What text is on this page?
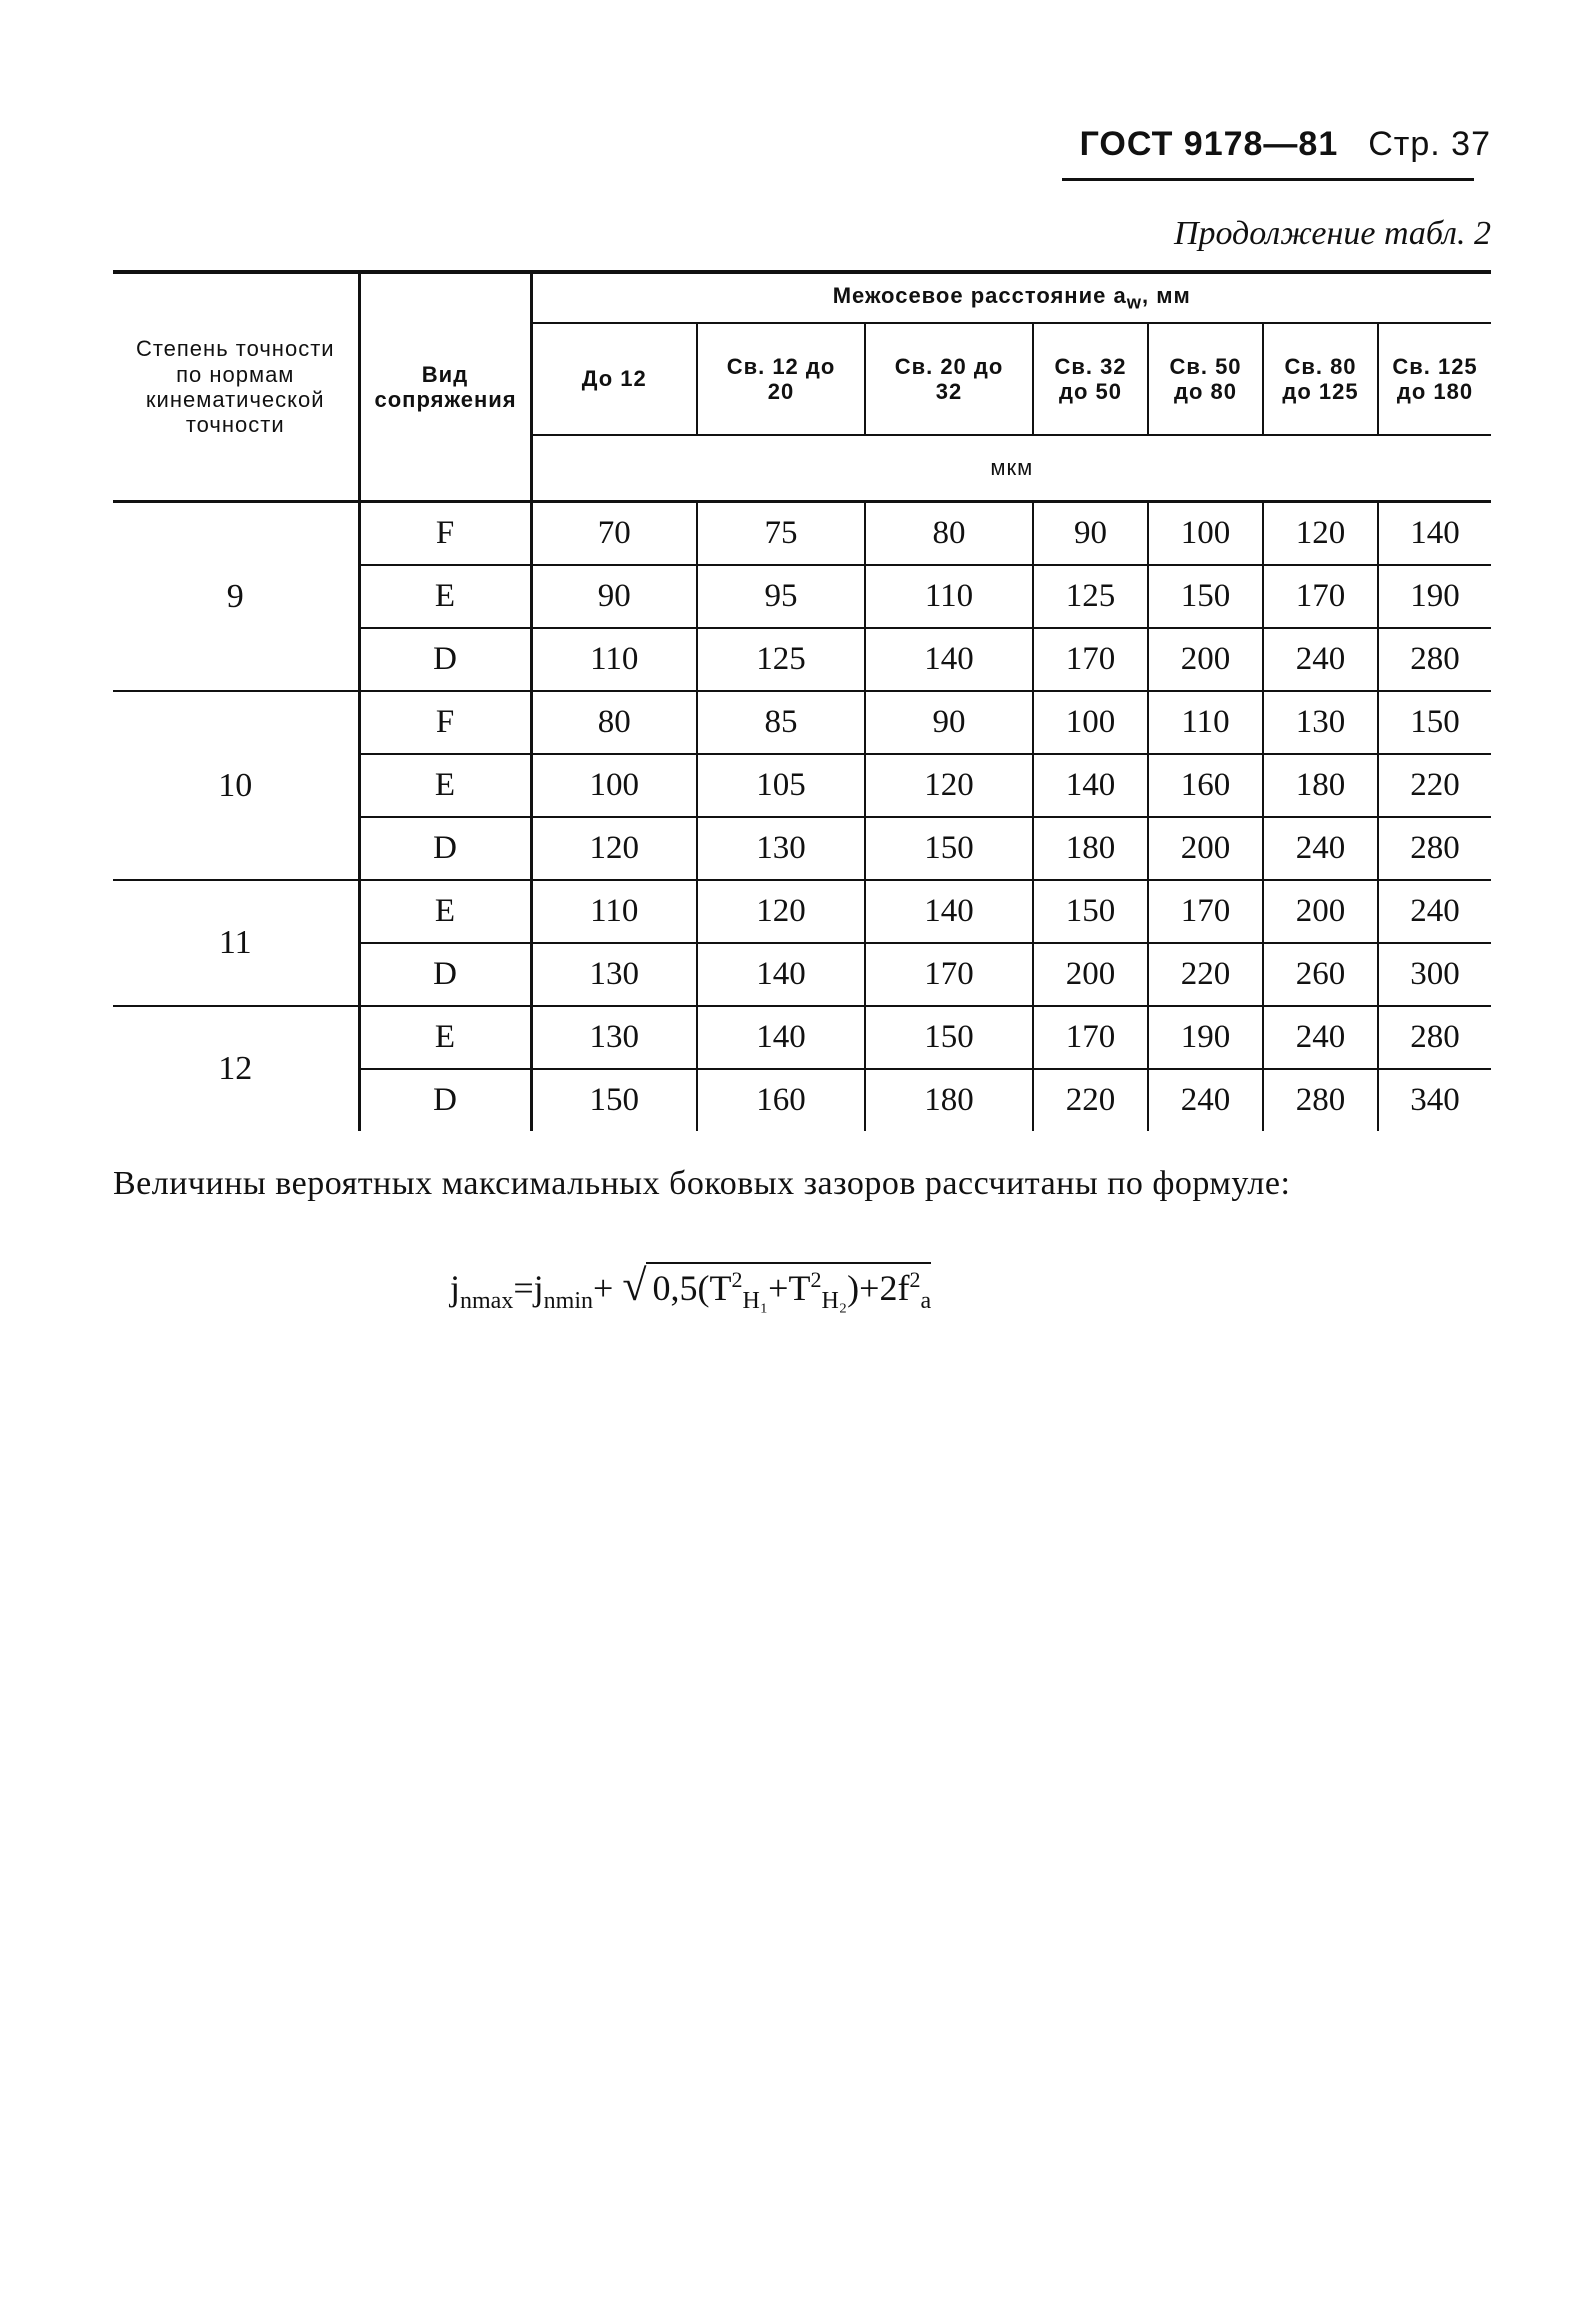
ГОСТ 9178—81 Стр. 37
Продолжение табл. 2
Степень точности по нормам кинематической точности	Вид сопряжения	Межосевое расстояние $a_w$, мм						
		До 12	Св. 12 до 20	Св. 20 до 32	Св. 32 до 50	Св. 50 до 80	Св. 80 до 125	Св. 125 до 180
		мкм						
9	F	70	75	80	90	100	120	140
	E	90	95	110	125	150	170	190
	D	110	125	140	170	200	240	280
10	F	80	85	90	100	110	130	150
	E	100	105	120	140	160	180	220
	D	120	130	150	180	200	240	280
11	E	110	120	140	150	170	200	240
	D	130	140	170	200	220	260	300
12	E	130	140	150	170	190	240	280
	D	150	160	180	220	240	280	340
Величины вероятных максимальных боковых зазоров рассчитаны по формуле:
$j_{nmax}=j_{nmin}+$ √ $0,5(T^2_{H_1}+T^2_{H_2})+2f^2_a$
